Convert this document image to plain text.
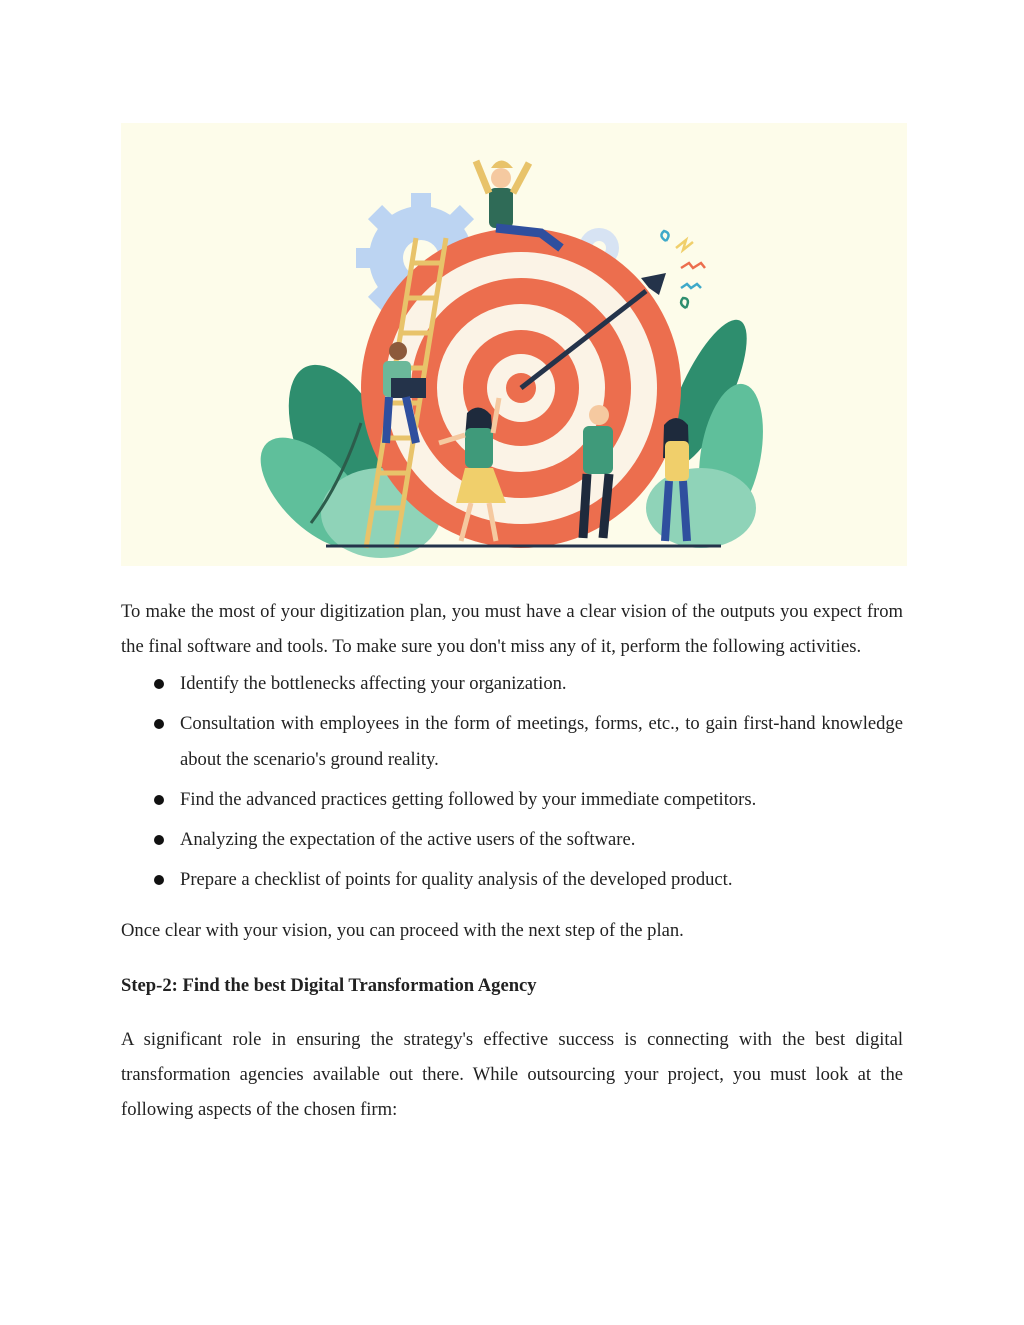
To make the most of your digitization plan, you must have a clear vision of the outputs you expect from the final software and tools. To make sure you don't miss any of it, perform the following activities.

Identify the bottlenecks affecting your organization.
Consultation with employees in the form of meetings, forms, etc., to gain first-hand knowledge about the scenario's ground reality.
Find the advanced practices getting followed by your immediate competitors.
Analyzing the expectation of the active users of the software.
Prepare a checklist of points for quality analysis of the developed product.

Once clear with your vision, you can proceed with the next step of the plan.

Step-2: Find the best Digital Transformation Agency

A significant role in ensuring the strategy's effective success is connecting with the best digital transformation agencies available out there. While outsourcing your project, you must look at the following aspects of the chosen firm:
